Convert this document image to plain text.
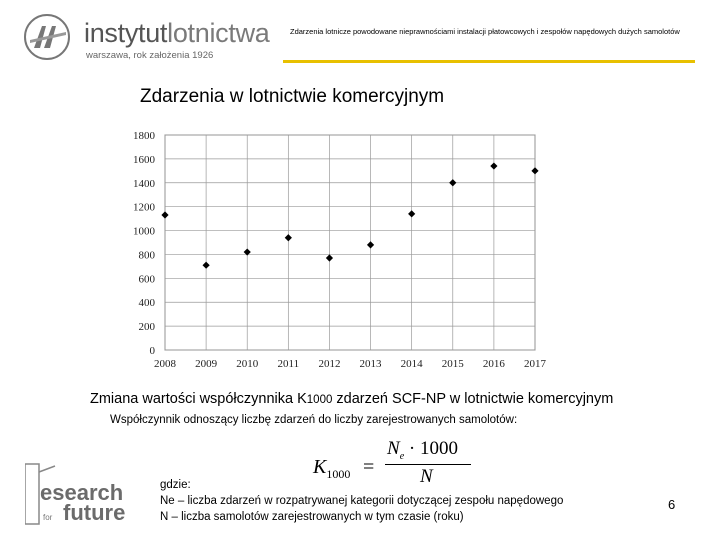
instytutlotnictwa
warszawa, rok założenia 1926
Zdarzenia lotnicze powodowane nieprawnościami instalacji płatowcowych i zespołów napędowych dużych samolotów
Zdarzenia w lotnictwie komercyjnym
0
200
400
600
800
1000
1200
1400
1600
1800
2008 2009 2010 2011 2012 2013 2014 2015 2016 2017
Zmiana wartości współczynnika K1000 zdarzeń SCF-NP w lotnictwie komercyjnym
Współczynnik odnoszący liczbę zdarzeń do liczby zarejestrowanych samolotów:
$K_{1000}$ =
$N_e \cdot 1000$
N
gdzie:
Ne – liczba zdarzeń w rozpatrywanej kategorii dotyczącej zespołu napędowego
N – liczba samolotów zarejestrowanych w tym czasie (roku)
esearch
for future	6
